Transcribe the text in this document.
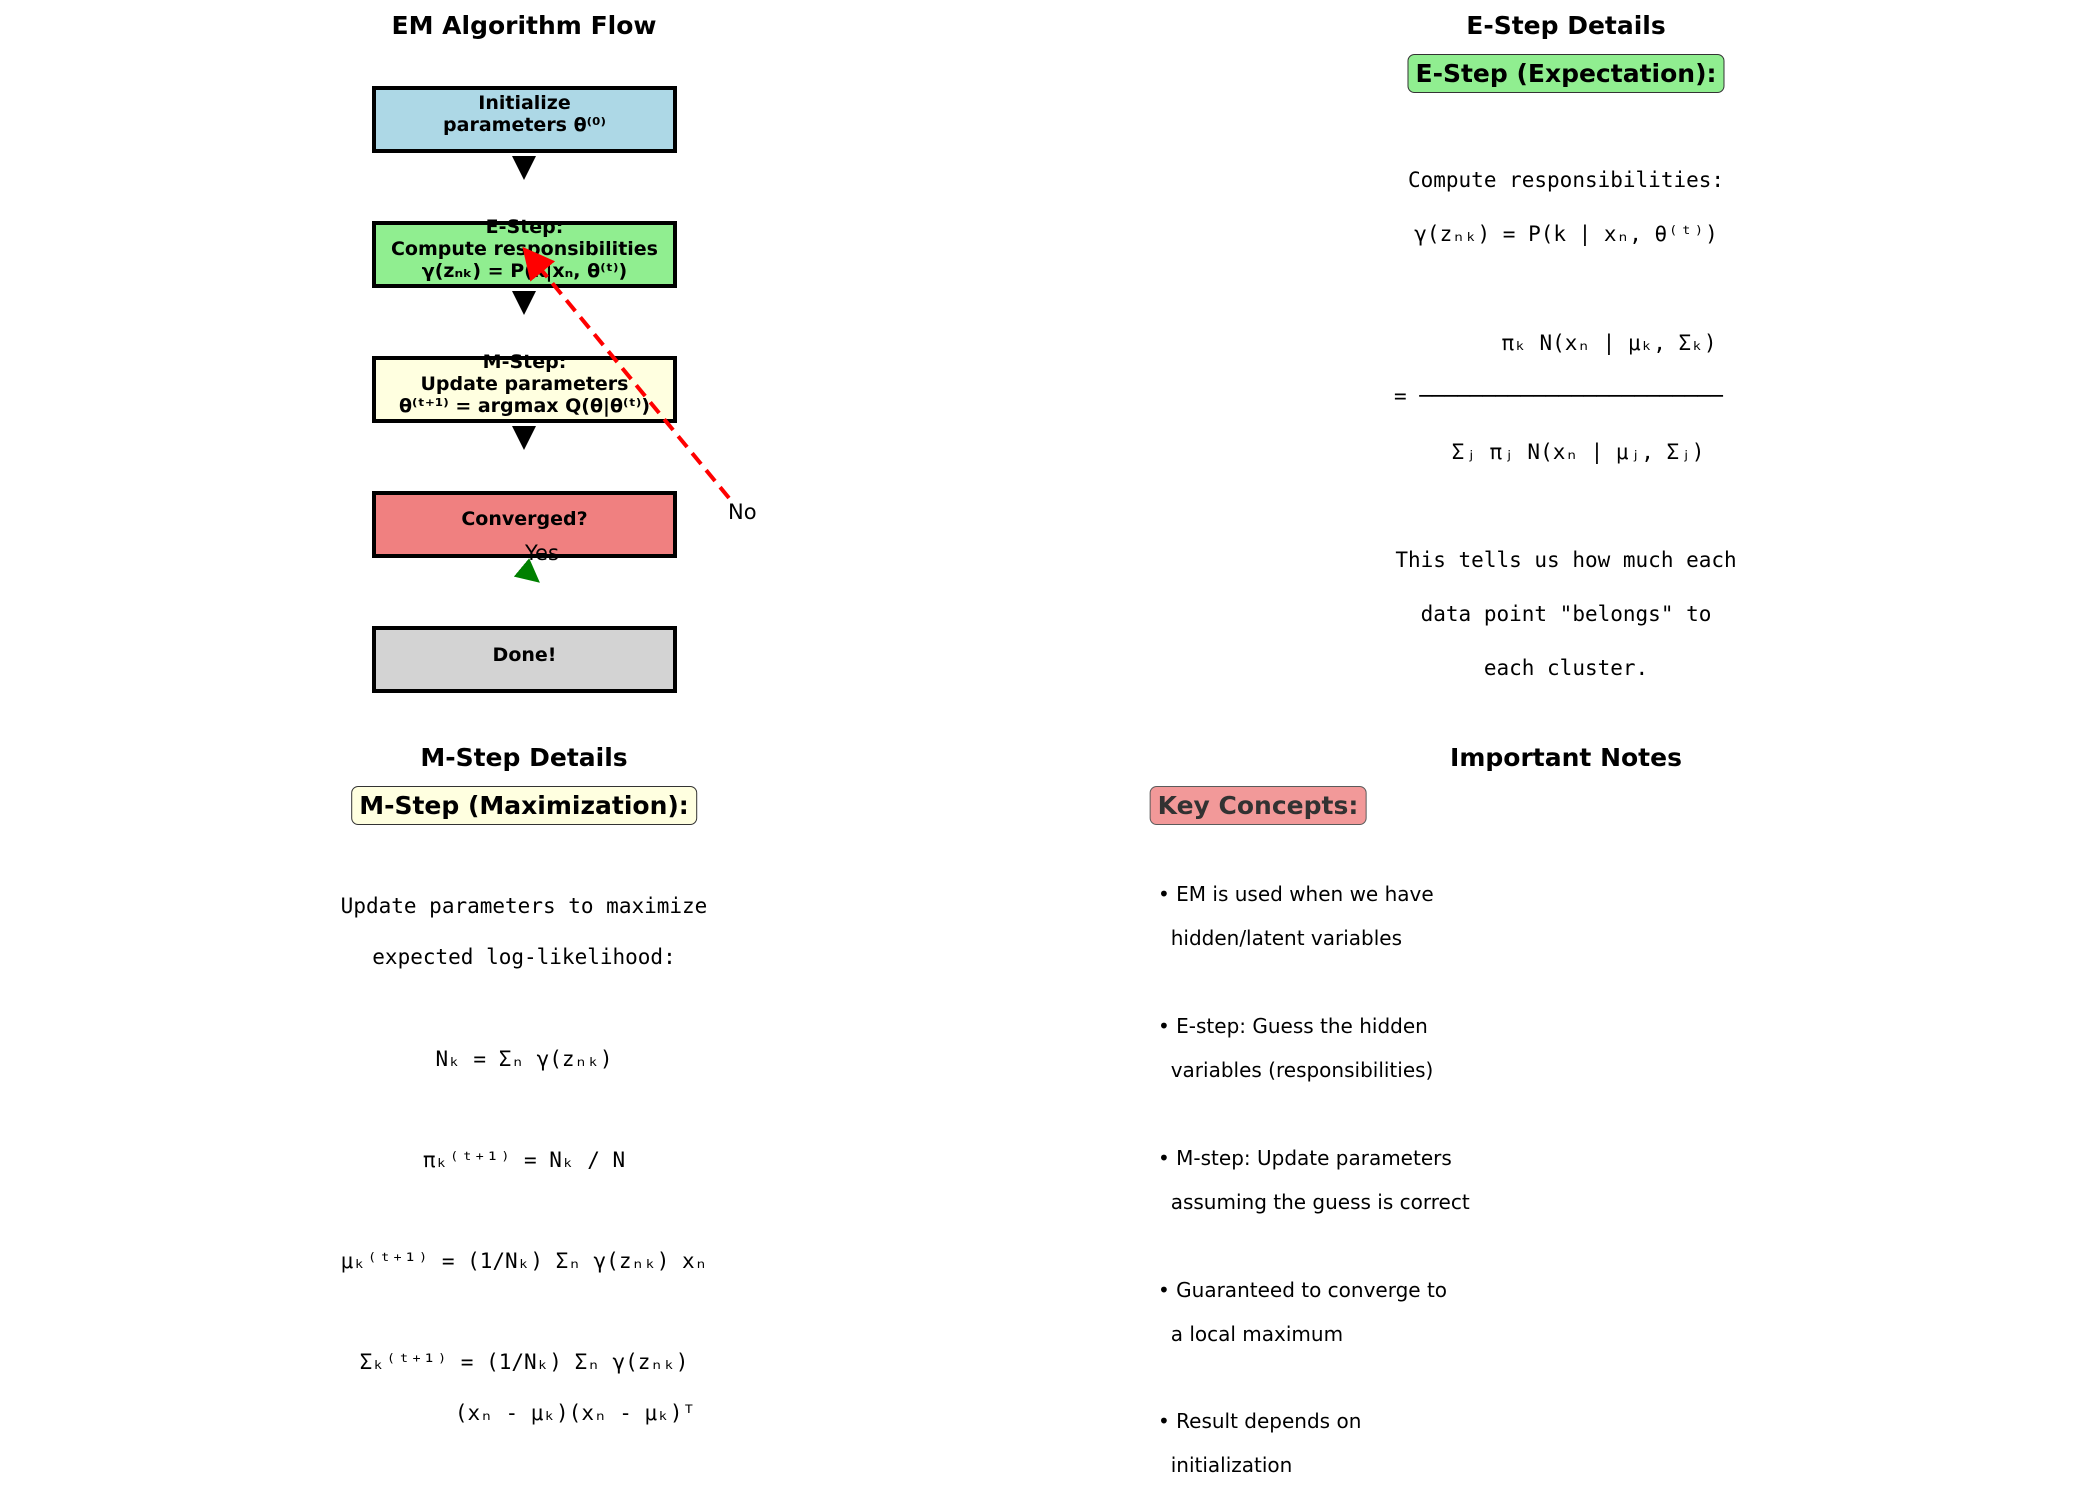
EM Algorithm Flow
Initialize
parameters θ⁽⁰⁾
E-Step:
Compute responsibilities
γ(zₙₖ) = P(k|xₙ, θ⁽ᵗ⁾)
M-Step:
Update parameters
θ⁽ᵗ⁺¹⁾ = argmax Q(θ|θ⁽ᵗ⁾)
Converged?
Done!
No
Yes
E-Step Details
E-Step (Expectation):
Compute responsibilities:
γ(zₙₖ) = P(k | xₙ, θ⁽ᵗ⁾)
πₖ N(xₙ | μₖ, Σₖ)
= ────────────────────────
Σⱼ πⱼ N(xₙ | μⱼ, Σⱼ)
This tells us how much each
data point "belongs" to
each cluster.
M-Step Details
M-Step (Maximization):
Update parameters to maximize
expected log-likelihood:
Nₖ = Σₙ γ(zₙₖ)
πₖ⁽ᵗ⁺¹⁾ = Nₖ / N
μₖ⁽ᵗ⁺¹⁾ = (1/Nₖ) Σₙ γ(zₙₖ) xₙ
Σₖ⁽ᵗ⁺¹⁾ = (1/Nₖ) Σₙ γ(zₙₖ)
(xₙ - μₖ)(xₙ - μₖ)ᵀ
Important Notes
Key Concepts:
• EM is used when we have
hidden/latent variables
• E-step: Guess the hidden
variables (responsibilities)
• M-step: Update parameters
assuming the guess is correct
• Guaranteed to converge to
a local maximum
• Result depends on
initialization
